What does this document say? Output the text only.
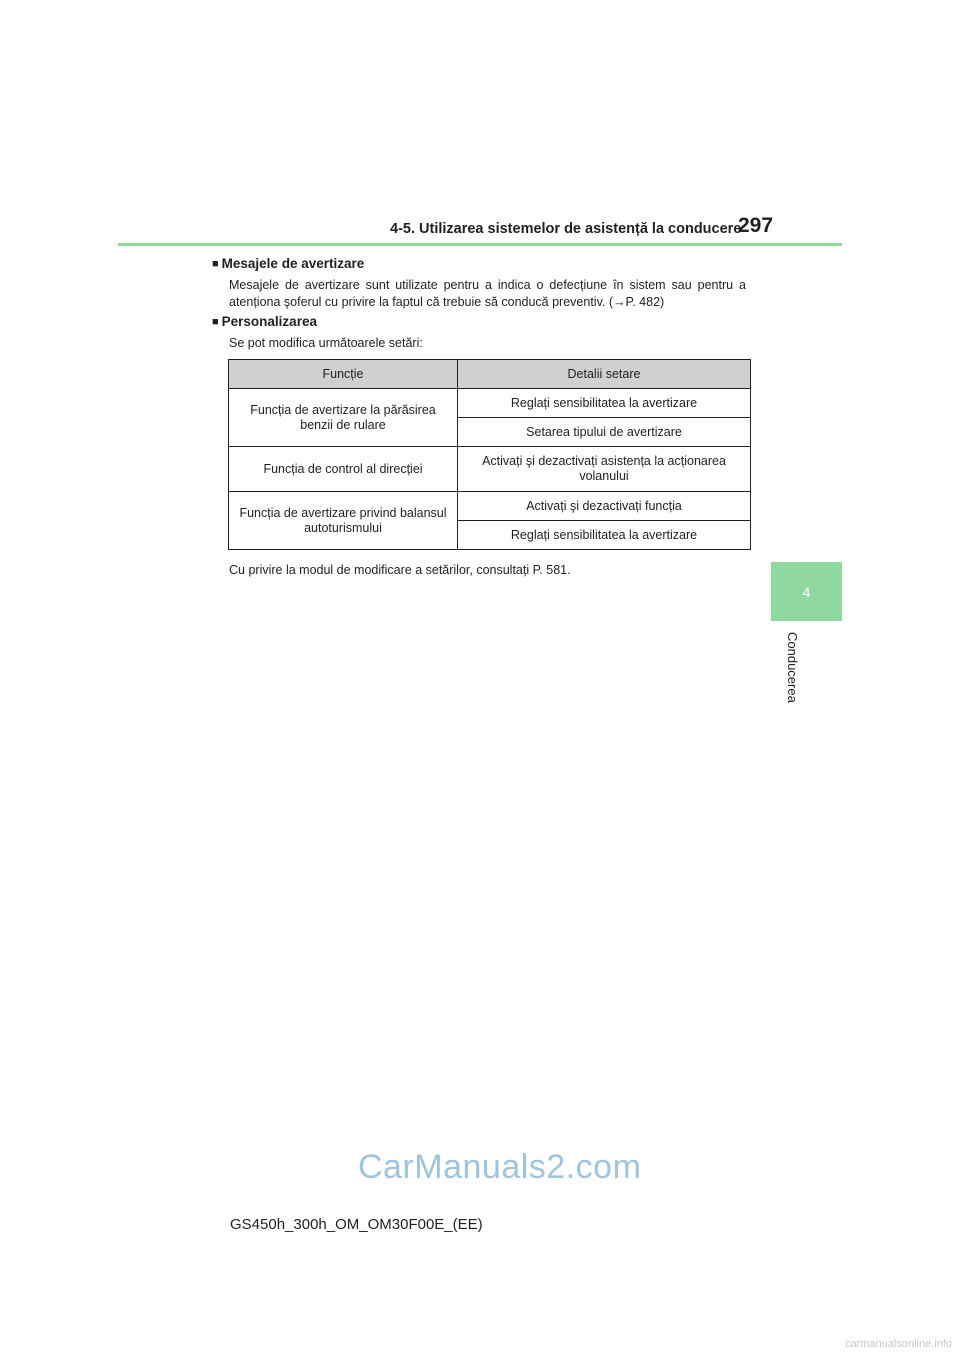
4-5. Utilizarea sistemelor de asistență la conducere
297
4
Conducerea
■ Mesajele de avertizare
Mesajele de avertizare sunt utilizate pentru a indica o defecțiune în sistem sau pentru a
atenționa şoferul cu privire la faptul că trebuie să conducă preventiv. (→P. 482)
■ Personalizarea
Se pot modifica următoarele setări:
Funcție	Detalii setare
Funcția de avertizare la părăsirea benzii de rulare	Reglați sensibilitatea la avertizare
	Setarea tipului de avertizare
Funcția de control al direcției	Activați şi dezactivați asistența la acționarea volanului
Funcția de avertizare privind balansul autoturismului	Activați şi dezactivați funcția
	Reglați sensibilitatea la avertizare
Cu privire la modul de modificare a setărilor, consultați P. 581.
CarManuals2.com
GS450h_300h_OM_OM30F00E_(EE)
carmanualsonline.info
